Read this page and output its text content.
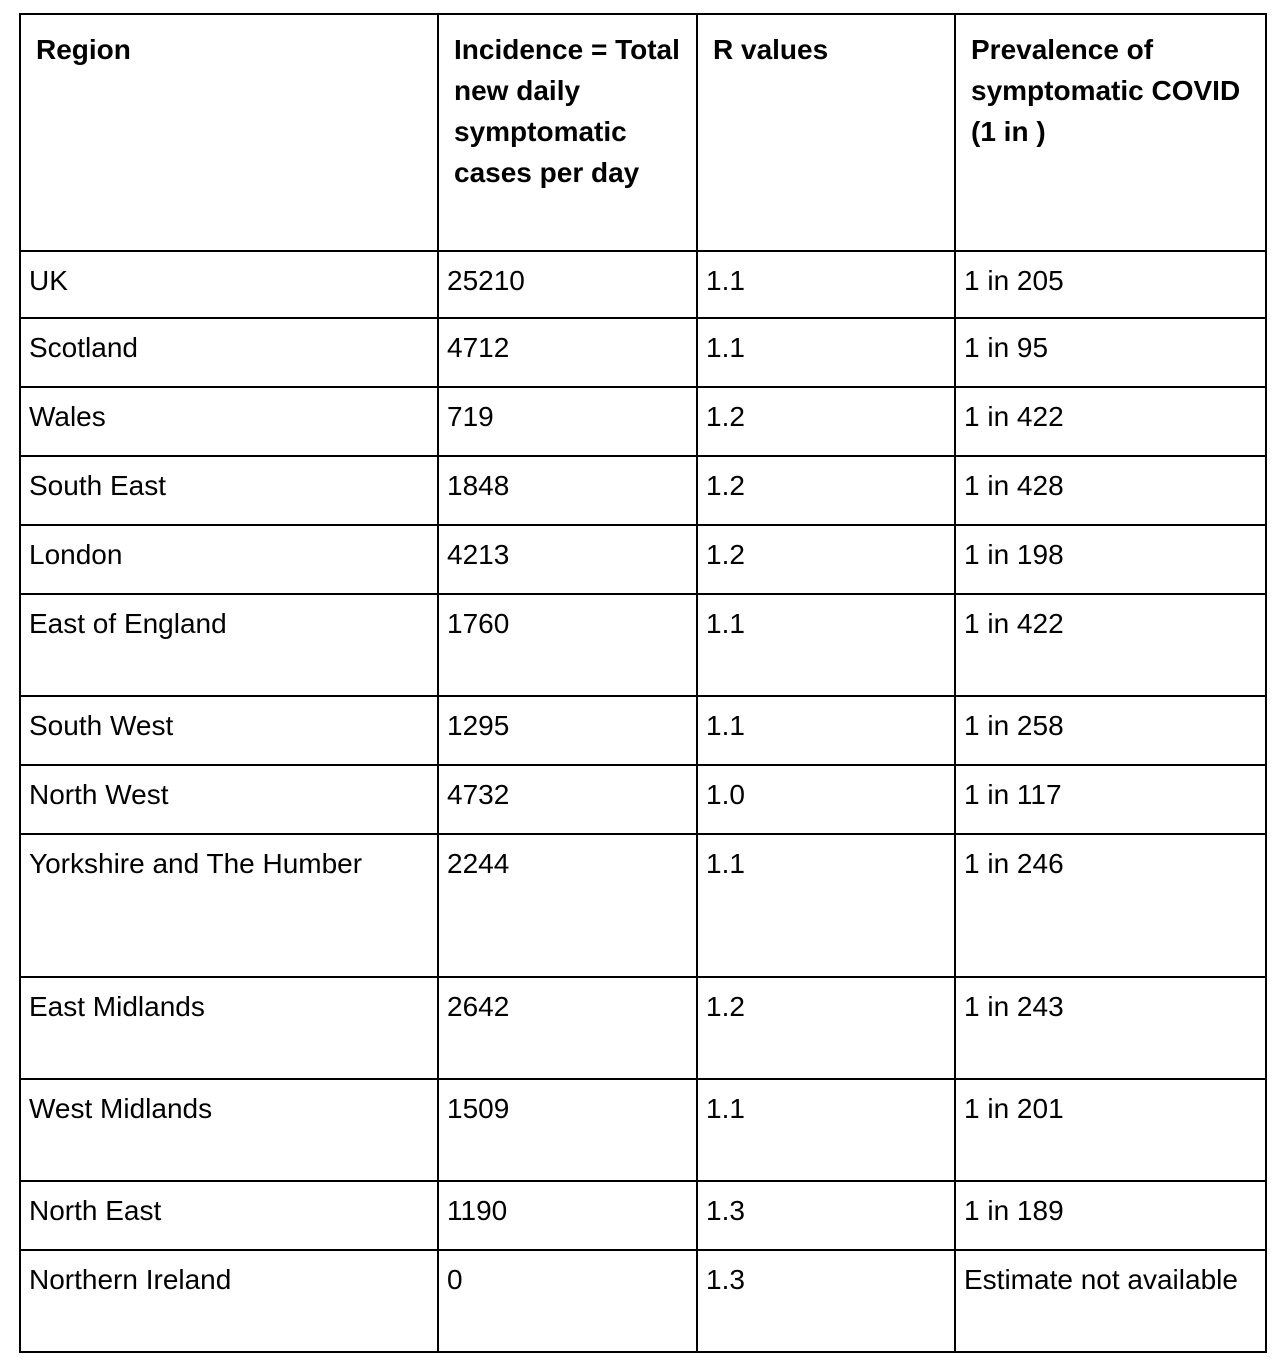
Region	Incidence = Total new daily symptomatic cases per day	R values	Prevalence of symptomatic COVID (1 in )
UK	25210	1.1	1 in 205
Scotland	4712	1.1	1 in 95
Wales	719	1.2	1 in 422
South East	1848	1.2	1 in 428
London	4213	1.2	1 in 198
East of England	1760	1.1	1 in 422
South West	1295	1.1	1 in 258
North West	4732	1.0	1 in 117
Yorkshire and The Humber	2244	1.1	1 in 246
East Midlands	2642	1.2	1 in 243
West Midlands	1509	1.1	1 in 201
North East	1190	1.3	1 in 189
Northern Ireland	0	1.3	Estimate not available
